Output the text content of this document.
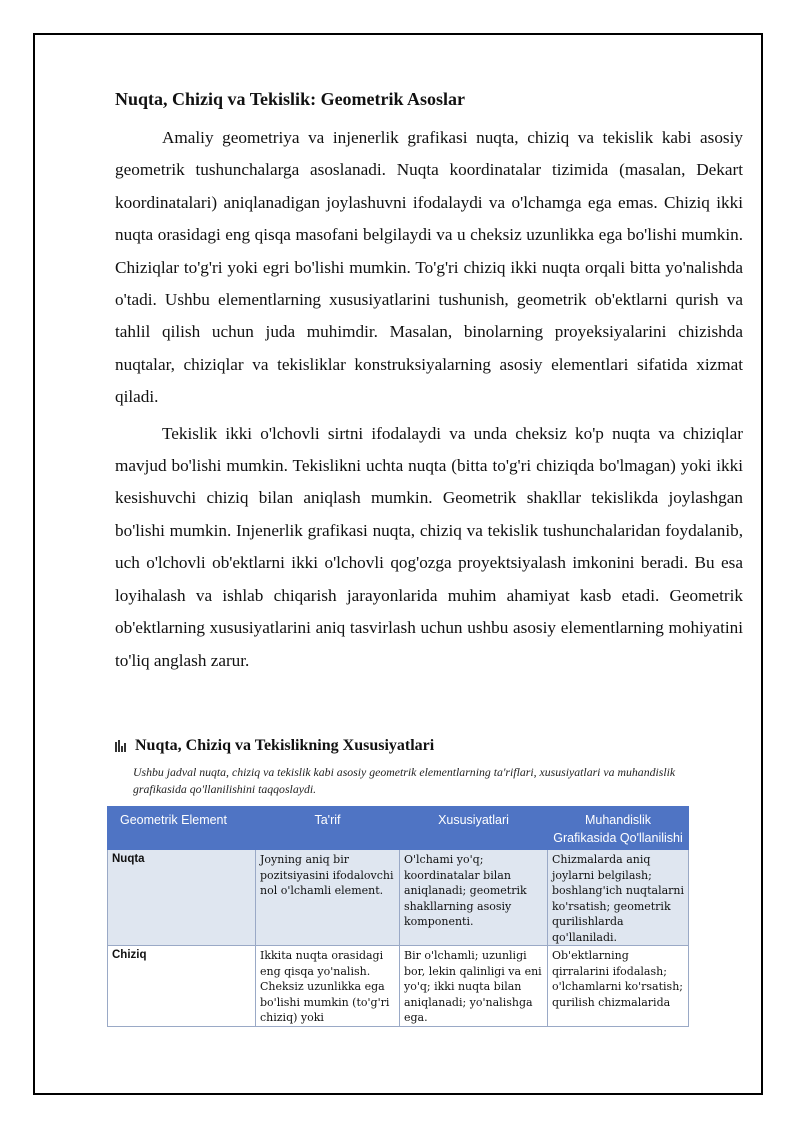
Nuqta, Chiziq va Tekislik: Geometrik Asoslar

Amaliy geometriya va injenerlik grafikasi nuqta, chiziq va tekislik kabi asosiy geometrik tushunchalarga asoslanadi. Nuqta koordinatalar tizimida (masalan, Dekart koordinatalari) aniqlanadigan joylashuvni ifodalaydi va o'lchamga ega emas. Chiziq ikki nuqta orasidagi eng qisqa masofani belgilaydi va u cheksiz uzunlikka ega bo'lishi mumkin. Chiziqlar to'g'ri yoki egri bo'lishi mumkin. To'g'ri chiziq ikki nuqta orqali bitta yo'nalishda o'tadi. Ushbu elementlarning xususiyatlarini tushunish, geometrik ob'ektlarni qurish va tahlil qilish uchun juda muhimdir. Masalan, binolarning proyeksiyalarini chizishda nuqtalar, chiziqlar va tekisliklar konstruksiyalarning asosiy elementlari sifatida xizmat qiladi.

Tekislik ikki o'lchovli sirtni ifodalaydi va unda cheksiz ko'p nuqta va chiziqlar mavjud bo'lishi mumkin. Tekislikni uchta nuqta (bitta to'g'ri chiziqda bo'lmagan) yoki ikki kesishuvchi chiziq bilan aniqlash mumkin. Geometrik shakllar tekislikda joylashgan bo'lishi mumkin. Injenerlik grafikasi nuqta, chiziq va tekislik tushunchalaridan foydalanib, uch o'lchovli ob'ektlarni ikki o'lchovli qog'ozga proyektsiyalash imkonini beradi. Bu esa loyihalash va ishlab chiqarish jarayonlarida muhim ahamiyat kasb etadi. Geometrik ob'ektlarning xususiyatlarini aniq tasvirlash uchun ushbu asosiy elementlarning mohiyatini to'liq anglash zarur.

Nuqta, Chiziq va Tekislikning Xususiyatlari
Ushbu jadval nuqta, chiziq va tekislik kabi asosiy geometrik elementlarning ta'riflari, xususiyatlari va muhandislik grafikasida qo'llanilishini taqqoslaydi.
Geometrik Element	Ta'rif	Xususiyatlari	Muhandislik Grafikasida Qo'llanilishi
Nuqta	Joyning aniq bir pozitsiyasini ifodalovchi nol o'lchamli element.	O'lchami yo'q; koordinatalar bilan aniqlanadi; geometrik shakllarning asosiy komponenti.	Chizmalarda aniq joylarni belgilash; boshlang'ich nuqtalarni ko'rsatish; geometrik qurilishlarda qo'llaniladi.
Chiziq	Ikkita nuqta orasidagi eng qisqa yo'nalish. Cheksiz uzunlikka ega bo'lishi mumkin (to'g'ri chiziq) yoki	Bir o'lchamli; uzunligi bor, lekin qalinligi va eni yo'q; ikki nuqta bilan aniqlanadi; yo'nalishga ega.	Ob'ektlarning qirralarini ifodalash; o'lchamlarni ko'rsatish; qurilish chizmalarida
